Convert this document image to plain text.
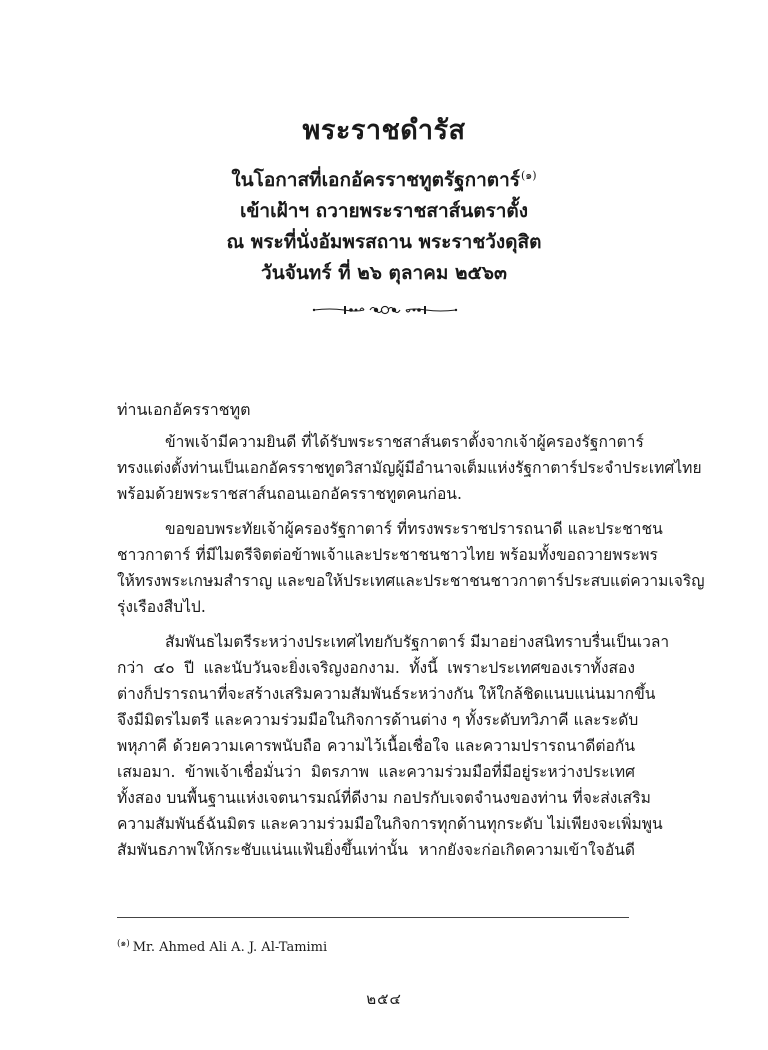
พระราชดำรัส
ในโอกาสที่เอกอัครราชทูตรัฐกาตาร์$^{(๑)}$
เข้าเฝ้าฯ ถวายพระราชสาส์นตราตั้ง
ณ พระที่นั่งอัมพรสถาน พระราชวังดุสิต
วันจันทร์ ที่ ๒๖ ตุลาคม ๒๕๖๓
ท่านเอกอัครราชทูต
ข้าพเจ้ามีความยินดี ที่ได้รับพระราชสาส์นตราตั้งจากเจ้าผู้ครองรัฐกาตาร์
ทรงแต่งตั้งท่านเป็นเอกอัครราชทูตวิสามัญผู้มีอำนาจเต็มแห่งรัฐกาตาร์ประจำประเทศไทย
พร้อมด้วยพระราชสาส์นถอนเอกอัครราชทูตคนก่อน.
ขอขอบพระทัยเจ้าผู้ครองรัฐกาตาร์ ที่ทรงพระราชปรารถนาดี และประชาชน
ชาวกาตาร์ ที่มีไมตรีจิตต่อข้าพเจ้าและประชาชนชาวไทย พร้อมทั้งขอถวายพระพร
ให้ทรงพระเกษมสำราญ และขอให้ประเทศและประชาชนชาวกาตาร์ประสบแต่ความเจริญ
รุ่งเรืองสืบไป.
สัมพันธไมตรีระหว่างประเทศไทยกับรัฐกาตาร์ มีมาอย่างสนิทราบรื่นเป็นเวลา
กว่า ๔๐ ปี และนับวันจะยิ่งเจริญงอกงาม. ทั้งนี้ เพราะประเทศของเราทั้งสอง
ต่างก็ปรารถนาที่จะสร้างเสริมความสัมพันธ์ระหว่างกัน ให้ใกล้ชิดแนบแน่นมากขึ้น
จึงมีมิตรไมตรี และความร่วมมือในกิจการด้านต่าง ๆ ทั้งระดับทวิภาคี และระดับ
พหุภาคี ด้วยความเคารพนับถือ ความไว้เนื้อเชื่อใจ และความปรารถนาดีต่อกัน
เสมอมา. ข้าพเจ้าเชื่อมั่นว่า มิตรภาพ และความร่วมมือที่มีอยู่ระหว่างประเทศ
ทั้งสอง บนพื้นฐานแห่งเจตนารมณ์ที่ดีงาม กอปรกับเจตจำนงของท่าน ที่จะส่งเสริม
ความสัมพันธ์ฉันมิตร และความร่วมมือในกิจการทุกด้านทุกระดับ ไม่เพียงจะเพิ่มพูน
สัมพันธภาพให้กระชับแน่นแฟ้นยิ่งขึ้นเท่านั้น หากยังจะก่อเกิดความเข้าใจอันดี
$^{(๑)}$ Mr. Ahmed Ali A. J. Al-Tamimi
๒๕๔
